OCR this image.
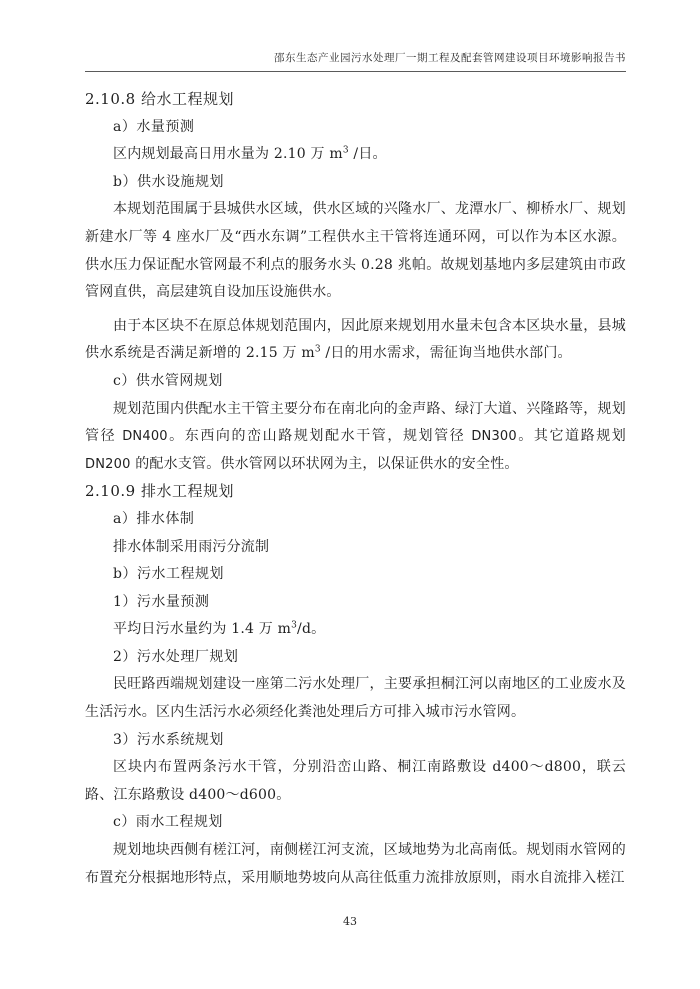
邵东生态产业园污水处理厂一期工程及配套管网建设项目环境影响报告书
2.10.8 给水工程规划
a）水量预测
区内规划最高日用水量为 2.10 万 $m^3$ /日。
b）供水设施规划
本规划范围属于县城供水区域，供水区域的兴隆水厂、龙潭水厂、柳桥水厂、规划新建水厂等 4 座水厂及“西水东调”工程供水主干管将连通环网，可以作为本区水源。供水压力保证配水管网最不利点的服务水头 0.28 兆帕。故规划基地内多层建筑由市政管网直供，高层建筑自设加压设施供水。
由于本区块不在原总体规划范围内，因此原来规划用水量未包含本区块水量，县城供水系统是否满足新增的 2.15 万 $m^3$ /日的用水需求，需征询当地供水部门。
c）供水管网规划
规划范围内供配水主干管主要分布在南北向的金声路、绿汀大道、兴隆路等，规划管径 DN400。东西向的峦山路规划配水干管，规划管径 DN300。其它道路规划 DN200 的配水支管。供水管网以环状网为主，以保证供水的安全性。
2.10.9 排水工程规划
a）排水体制
排水体制采用雨污分流制
b）污水工程规划
1）污水量预测
平均日污水量约为 1.4 万 $m^3/d$。
2）污水处理厂规划
民旺路西端规划建设一座第二污水处理厂，主要承担桐江河以南地区的工业废水及生活污水。区内生活污水必须经化粪池处理后方可排入城市污水管网。
3）污水系统规划
区块内布置两条污水干管，分别沿峦山路、桐江南路敷设 d400～d800，联云路、江东路敷设 d400～d600。
c）雨水工程规划
规划地块西侧有槎江河，南侧槎江河支流，区域地势为北高南低。规划雨水管网的布置充分根据地形特点，采用顺地势坡向从高往低重力流排放原则，雨水自流排入槎江
43
